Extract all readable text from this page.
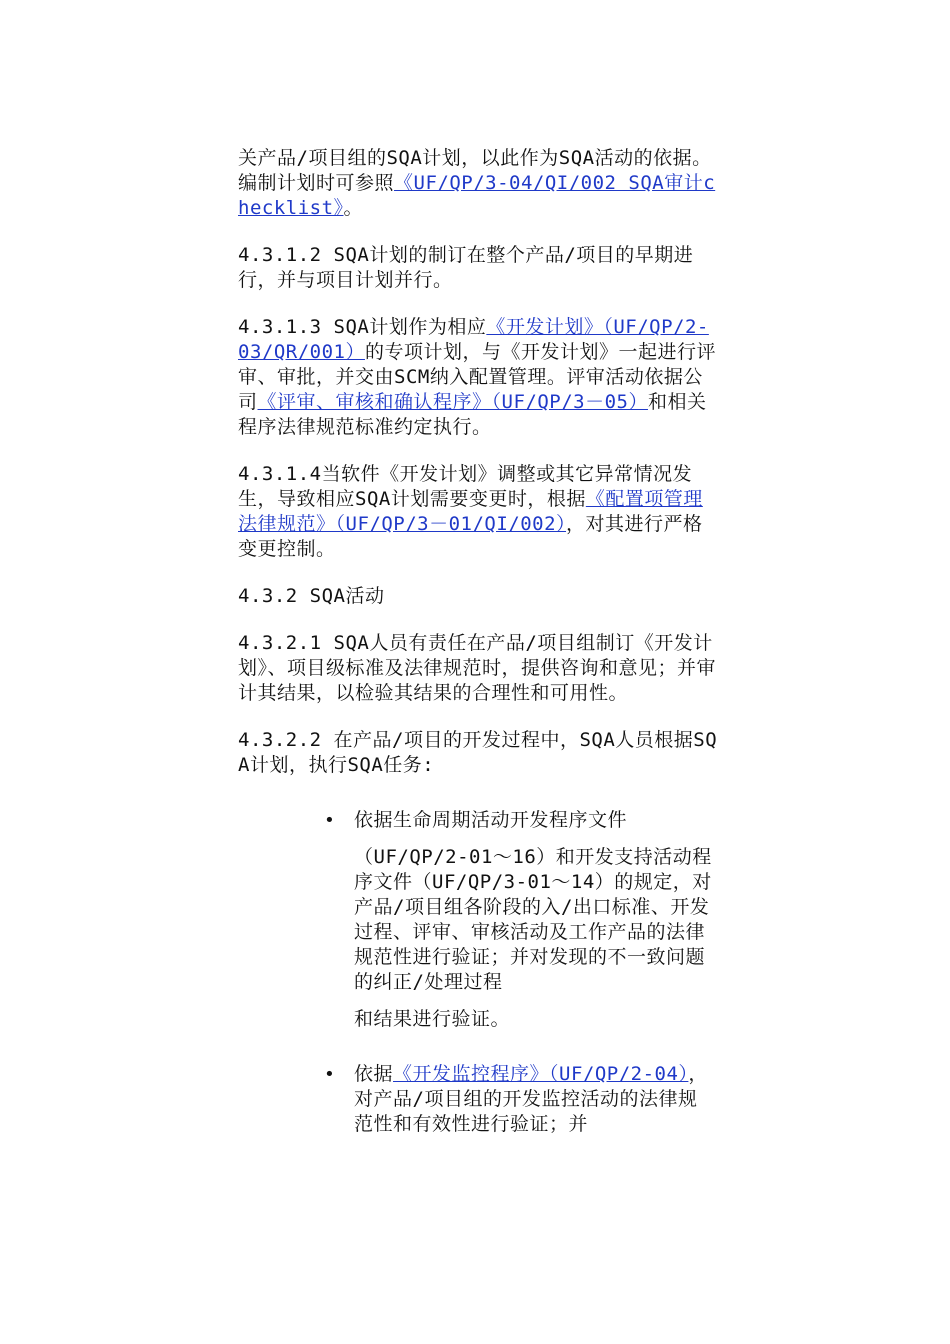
关产品/项目组的SQA计划，以此作为SQA活动的依据。编制计划时可参照《UF/QP/3-04/QI/002 SQA审计checklist》。

4.3.1.2 SQA计划的制订在整个产品/项目的早期进行，并与项目计划并行。

4.3.1.3 SQA计划作为相应《开发计划》（UF/QP/2-03/QR/001）的专项计划，与《开发计划》一起进行评审、审批，并交由SCM纳入配置管理。评审活动依据公司《评审、审核和确认程序》（UF/QP/3－05）和相关程序法律规范标准约定执行。

4.3.1.4当软件《开发计划》调整或其它异常情况发生，导致相应SQA计划需要变更时，根据《配置项管理法律规范》（UF/QP/3－01/QI/002），对其进行严格变更控制。

4.3.2 SQA活动

4.3.2.1 SQA人员有责任在产品/项目组制订《开发计划》、项目级标准及法律规范时，提供咨询和意见；并审计其结果，以检验其结果的合理性和可用性。

4.3.2.2 在产品/项目的开发过程中，SQA人员根据SQA计划，执行SQA任务:

• 依据生命周期活动开发程序文件
（UF/QP/2-01～16）和开发支持活动程序文件（UF/QP/3-01～14）的规定，对产品/项目组各阶段的入/出口标准、开发过程、评审、审核活动及工作产品的法律规范性进行验证；并对发现的不一致问题的纠正/处理过程
和结果进行验证。
• 依据《开发监控程序》（UF/QP/2-04），对产品/项目组的开发监控活动的法律规范性和有效性进行验证；并
